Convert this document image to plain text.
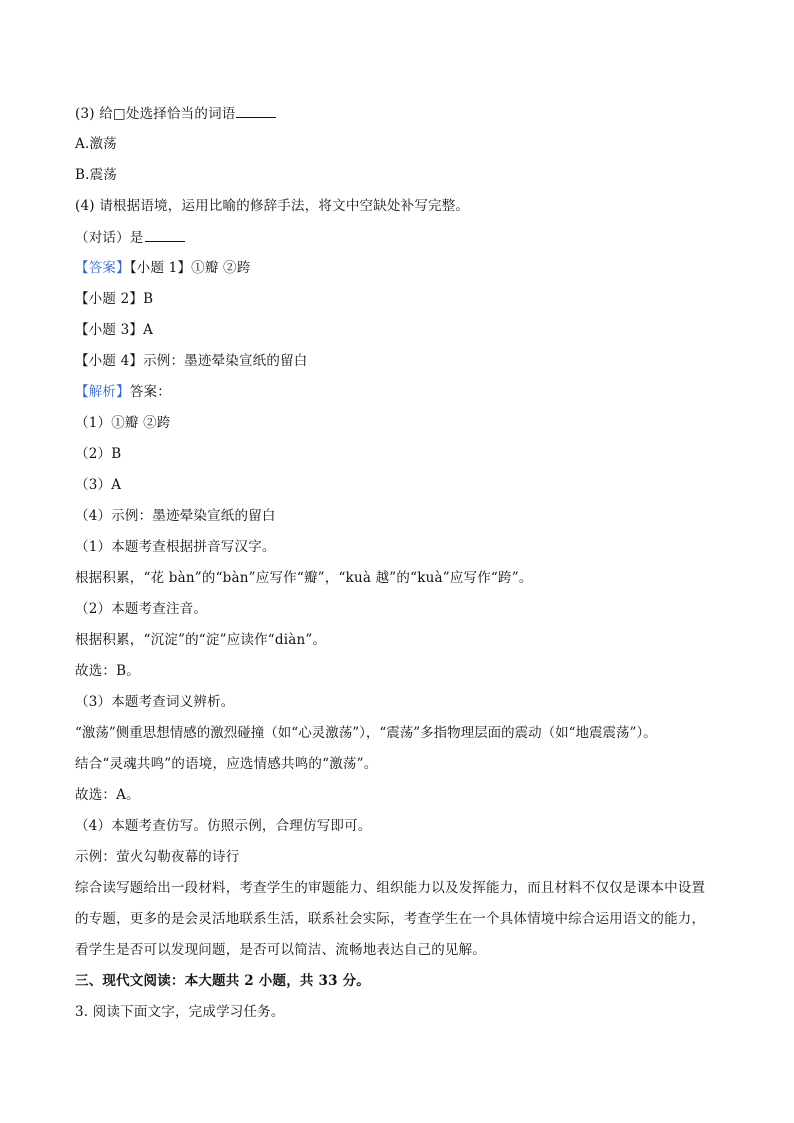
(3) 给□处选择恰当的词语
A.激荡
B.震荡
(4) 请根据语境，运用比喻的修辞手法，将文中空缺处补写完整。
（对话）是
【答案】【小题 1】①瓣 ②跨
【小题 2】B
【小题 3】A
【小题 4】示例：墨迹晕染宣纸的留白
【解析】答案：
（1）①瓣 ②跨
（2）B
（3）A
（4）示例：墨迹晕染宣纸的留白
（1）本题考查根据拼音写汉字。
根据积累，“花 bàn”的“bàn”应写作“瓣”，“kuà 越”的“kuà”应写作“跨”。
（2）本题考查注音。
根据积累，“沉淀”的“淀”应读作“diàn”。
故选：B。
（3）本题考查词义辨析。
“激荡”侧重思想情感的激烈碰撞（如“心灵激荡”），“震荡”多指物理层面的震动（如“地震震荡”）。
结合“灵魂共鸣”的语境，应选情感共鸣的“激荡”。
故选：A。
（4）本题考查仿写。仿照示例，合理仿写即可。
示例：萤火勾勒夜幕的诗行
综合读写题给出一段材料，考查学生的审题能力、组织能力以及发挥能力，而且材料不仅仅是课本中设置
的专题，更多的是会灵活地联系生活，联系社会实际，考查学生在一个具体情境中综合运用语文的能力，
看学生是否可以发现问题，是否可以简洁、流畅地表达自己的见解。
三、现代文阅读：本大题共 2 小题，共 33 分。
3. 阅读下面文字，完成学习任务。
